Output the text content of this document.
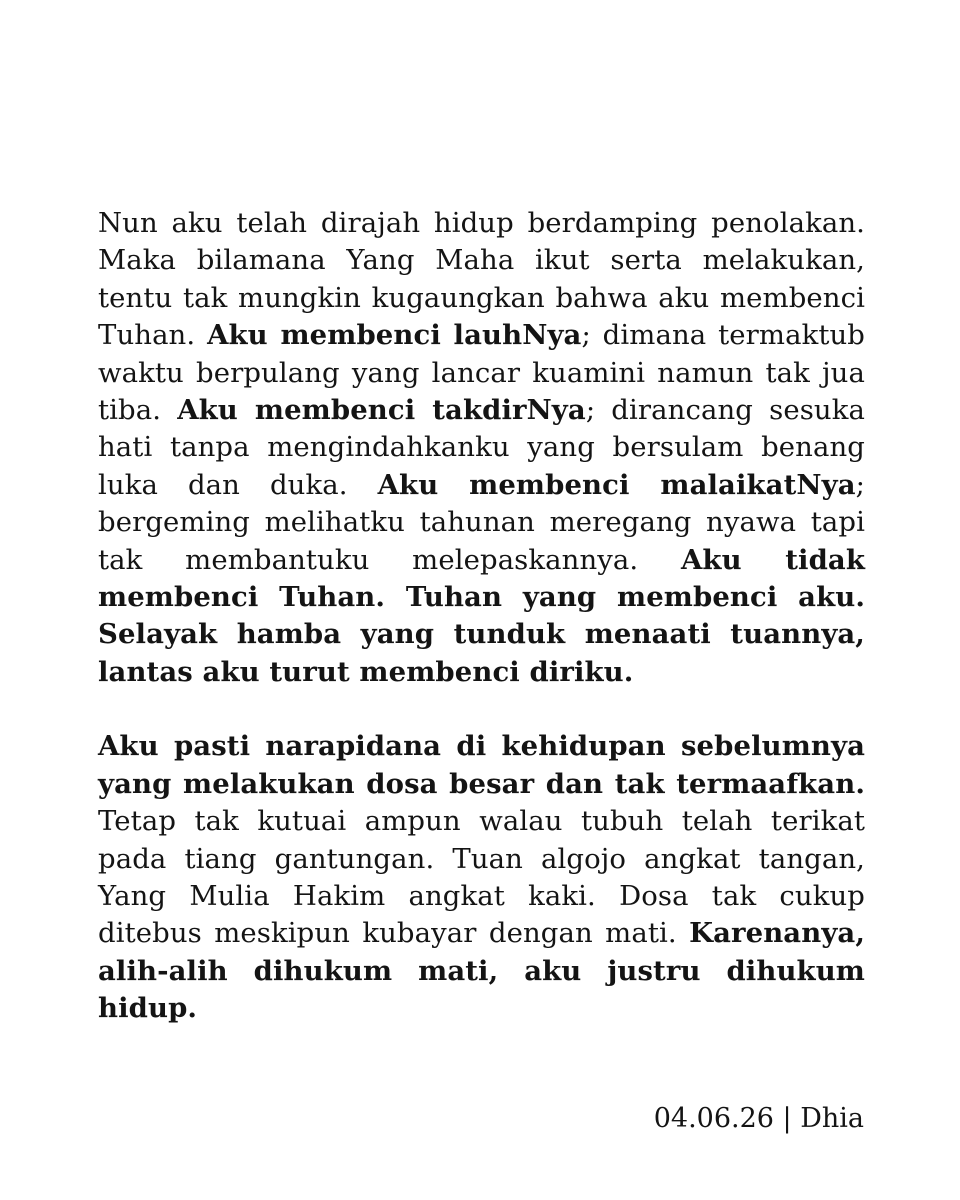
Nun aku telah dirajah hidup berdamping penolakan. Maka bilamana Yang Maha ikut serta melakukan, tentu tak mungkin kugaungkan bahwa aku membenci Tuhan. Aku membenci lauhNya; dimana termaktub waktu berpulang yang lancar kuamini namun tak jua tiba. Aku membenci takdirNya; dirancang sesuka hati tanpa mengindahkanku yang bersulam benang luka dan duka. Aku membenci malaikatNya; bergeming melihatku tahunan meregang nyawa tapi tak membantuku melepaskannya. Aku tidak membenci Tuhan. Tuhan yang membenci aku. Selayak hamba yang tunduk menaati tuannya, lantas aku turut membenci diriku.

Aku pasti narapidana di kehidupan sebelumnya yang melakukan dosa besar dan tak termaafkan. Tetap tak kutuai ampun walau tubuh telah terikat pada tiang gantungan. Tuan algojo angkat tangan, Yang Mulia Hakim angkat kaki. Dosa tak cukup ditebus meskipun kubayar dengan mati. Karenanya, alih-alih dihukum mati, aku justru dihukum hidup.

04.06.26 | Dhia
